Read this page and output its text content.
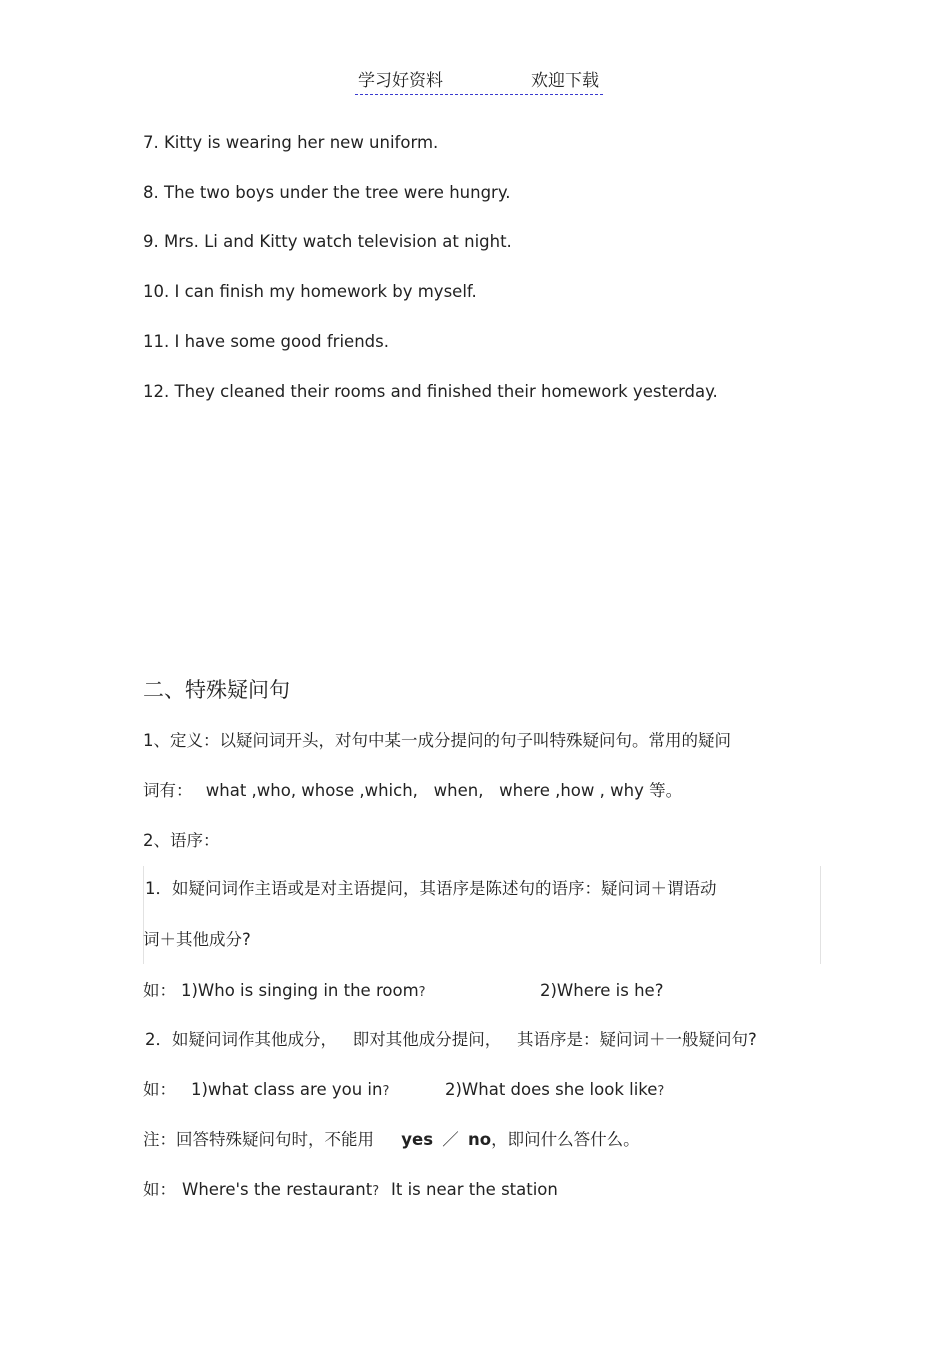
学习好资料	欢迎下载
7. Kitty is wearing her new uniform.
8. The two boys under the tree were hungry.
9. Mrs. Li and Kitty watch television at night.
10. I can finish my homework by myself.
11. I have some good friends.
12. They cleaned their rooms and finished their homework yesterday.
二、特殊疑问句
1、定义：以疑问词开头，对句中某一成分提问的句子叫特殊疑问句。常用的疑问
词有： what ,who, whose ,which,   when,   where ,how , why 等。
2、语序：
1．如疑问词作主语或是对主语提问，其语序是陈述句的语序：疑问词＋谓语动
词＋其他成分?
如： 1)Who is singing in the room?	2)Where is he?
2．如疑问词作其他成分，   即对其他成分提问，   其语序是：疑问词＋一般疑问句?
如： 1)what class are you in?	2)What does she look like?
注：回答特殊疑问句时，不能用 yes ／ no，即问什么答什么。
如： Where's the restaurant? It is near the station
